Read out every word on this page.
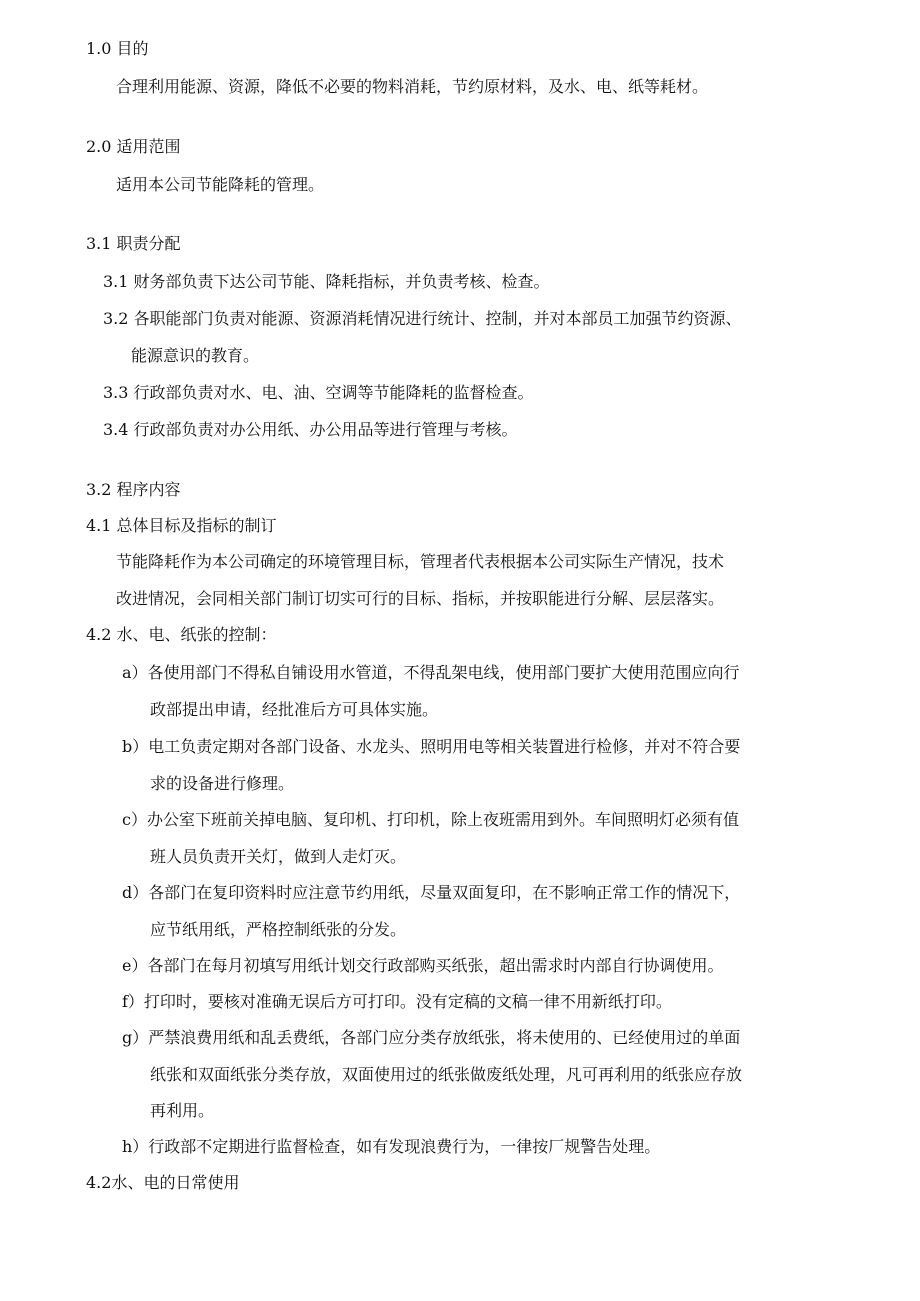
1.0 目的
合理利用能源、资源，降低不必要的物料消耗，节约原材料，及水、电、纸等耗材。
2.0 适用范围
适用本公司节能降耗的管理。
3.1 职责分配
3.1 财务部负责下达公司节能、降耗指标，并负责考核、检查。
3.2 各职能部门负责对能源、资源消耗情况进行统计、控制，并对本部员工加强节约资源、
能源意识的教育。
3.3 行政部负责对水、电、油、空调等节能降耗的监督检查。
3.4 行政部负责对办公用纸、办公用品等进行管理与考核。
3.2 程序内容
4.1 总体目标及指标的制订
节能降耗作为本公司确定的环境管理目标，管理者代表根据本公司实际生产情况，技术
改进情况，会同相关部门制订切实可行的目标、指标，并按职能进行分解、层层落实。
4.2 水、电、纸张的控制：
a）各使用部门不得私自铺设用水管道，不得乱架电线，使用部门要扩大使用范围应向行
政部提出申请，经批准后方可具体实施。
b）电工负责定期对各部门设备、水龙头、照明用电等相关装置进行检修，并对不符合要
求的设备进行修理。
c）办公室下班前关掉电脑、复印机、打印机，除上夜班需用到外。车间照明灯必须有值
班人员负责开关灯，做到人走灯灭。
d）各部门在复印资料时应注意节约用纸，尽量双面复印，在不影响正常工作的情况下，
应节纸用纸，严格控制纸张的分发。
e）各部门在每月初填写用纸计划交行政部购买纸张，超出需求时内部自行协调使用。
f）打印时，要核对准确无误后方可打印。没有定稿的文稿一律不用新纸打印。
g）严禁浪费用纸和乱丢费纸，各部门应分类存放纸张，将未使用的、已经使用过的单面
纸张和双面纸张分类存放，双面使用过的纸张做废纸处理，凡可再利用的纸张应存放
再利用。
h）行政部不定期进行监督检查，如有发现浪费行为，一律按厂规警告处理。
4.2水、电的日常使用
